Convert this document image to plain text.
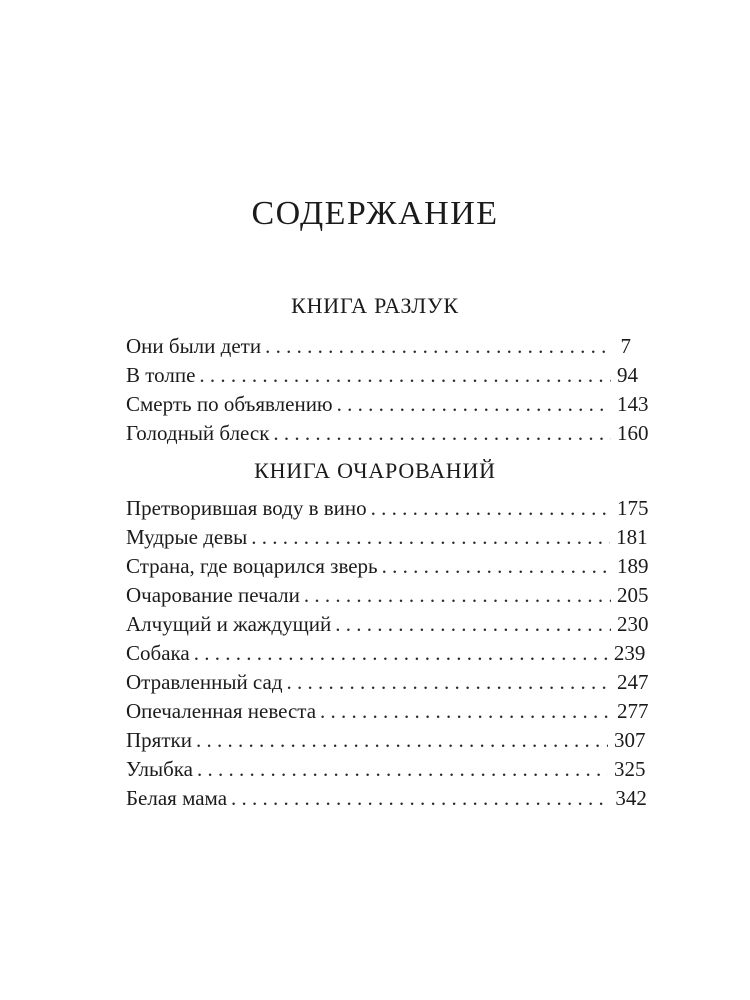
СОДЕРЖАНИЕ
КНИГА РАЗЛУК
Они были дети . . .	7
В толпе . . .	94
Смерть по объявлению . . .	143
Голодный блеск . . .	160
КНИГА ОЧАРОВАНИЙ
Претворившая воду в вино . . .	175
Мудрые девы . . .	181
Страна, где воцарился зверь . . .	189
Очарование печали . . .	205
Алчущий и жаждущий . . .	230
Собака . . .	239
Отравленный сад . . .	247
Опечаленная невеста . . .	277
Прятки . . .	307
Улыбка . . .	325
Белая мама . . .	342
